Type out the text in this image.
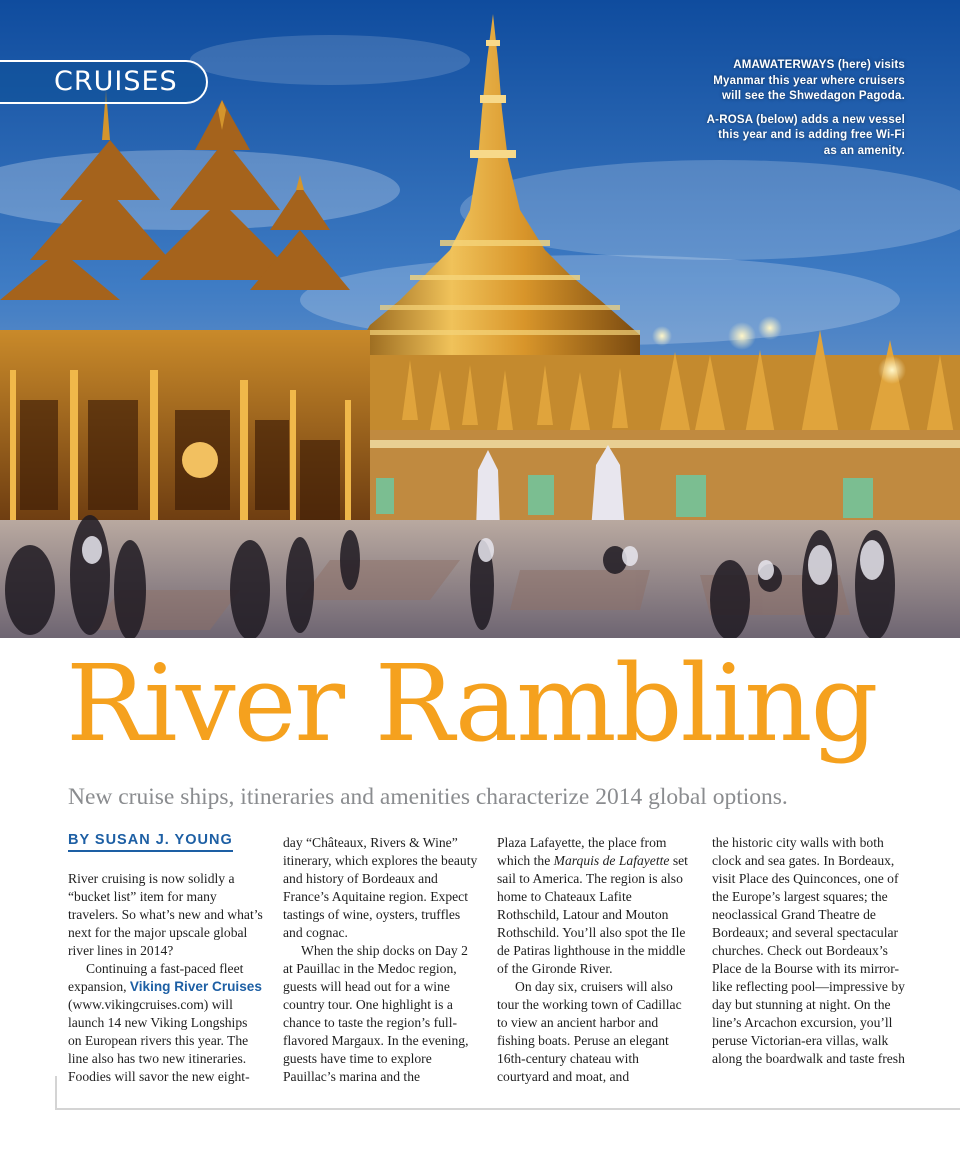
CRUISES

AMAWATERWAYS (here) visits Myanmar this year where cruisers will see the Shwedagon Pagoda.

A-ROSA (below) adds a new vessel this year and is adding free Wi-Fi as an amenity.

River Rambling

New cruise ships, itineraries and amenities characterize 2014 global options.

BY SUSAN J. YOUNG

River cruising is now solidly a “bucket list” item for many travelers. So what’s new and what’s next for the major upscale global river lines in 2014?

Continuing a fast-paced fleet expansion, Viking River Cruises (www.vikingcruises.com) will launch 14 new Viking Longships on European rivers this year. The line also has two new itineraries. Foodies will savor the new eight-

day “Châteaux, Rivers & Wine” itinerary, which explores the beauty and history of Bordeaux and France’s Aquitaine region. Expect tastings of wine, oysters, truffles and cognac.

When the ship docks on Day 2 at Pauillac in the Medoc region, guests will head out for a wine country tour. One highlight is a chance to taste the region’s full-flavored Margaux. In the evening, guests have time to explore Pauillac’s marina and the

Plaza Lafayette, the place from which the Marquis de Lafayette set sail to America. The region is also home to Chateaux Lafite Rothschild, Latour and Mouton Rothschild. You’ll also spot the Ile de Patiras lighthouse in the middle of the Gironde River.

On day six, cruisers will also tour the working town of Cadillac to view an ancient harbor and fishing boats. Peruse an elegant 16th-century chateau with courtyard and moat, and

the historic city walls with both clock and sea gates. In Bordeaux, visit Place des Quinconces, one of the Europe’s largest squares; the neoclassical Grand Theatre de Bordeaux; and several spectacular churches. Check out Bordeaux’s Place de la Bourse with its mirror-like reflecting pool—impressive by day but stunning at night. On the line’s Arcachon excursion, you’ll peruse Victorian-era villas, walk along the boardwalk and taste fresh
